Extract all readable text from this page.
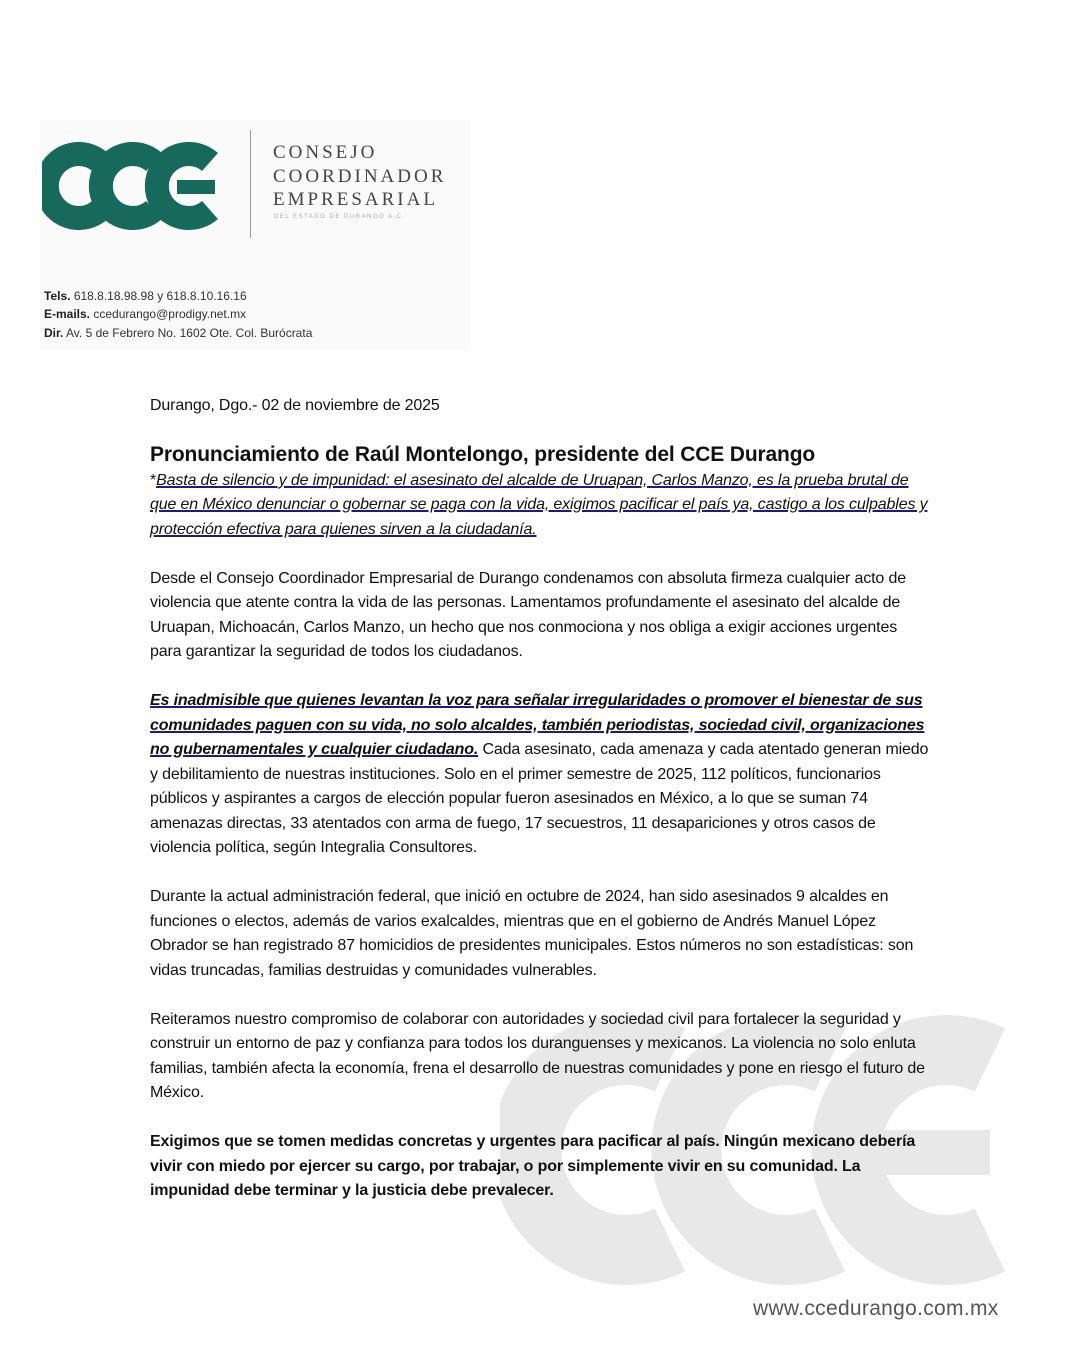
CONSEJO
COORDINADOR
EMPRESARIAL
DEL ESTADO DE DURANGO A.C.
Tels. 618.8.18.98.98 y 618.8.10.16.16
E-mails. ccedurango@prodigy.net.mx
Dir. Av. 5 de Febrero No. 1602 Ote. Col. Burócrata

Durango, Dgo.- 02 de noviembre de 2025

Pronunciamiento de Raúl Montelongo, presidente del CCE Durango

*Basta de silencio y de impunidad: el asesinato del alcalde de Uruapan, Carlos Manzo, es la prueba brutal de que en México denunciar o gobernar se paga con la vida, exigimos pacificar el país ya, castigo a los culpables y protección efectiva para quienes sirven a la ciudadanía.

Desde el Consejo Coordinador Empresarial de Durango condenamos con absoluta firmeza cualquier acto de violencia que atente contra la vida de las personas. Lamentamos profundamente el asesinato del alcalde de Uruapan, Michoacán, Carlos Manzo, un hecho que nos conmociona y nos obliga a exigir acciones urgentes para garantizar la seguridad de todos los ciudadanos.

Es inadmisible que quienes levantan la voz para señalar irregularidades o promover el bienestar de sus comunidades paguen con su vida, no solo alcaldes, también periodistas, sociedad civil, organizaciones no gubernamentales y cualquier ciudadano. Cada asesinato, cada amenaza y cada atentado generan miedo y debilitamiento de nuestras instituciones. Solo en el primer semestre de 2025, 112 políticos, funcionarios públicos y aspirantes a cargos de elección popular fueron asesinados en México, a lo que se suman 74 amenazas directas, 33 atentados con arma de fuego, 17 secuestros, 11 desapariciones y otros casos de violencia política, según Integralia Consultores.

Durante la actual administración federal, que inició en octubre de 2024, han sido asesinados 9 alcaldes en funciones o electos, además de varios exalcaldes, mientras que en el gobierno de Andrés Manuel López Obrador se han registrado 87 homicidios de presidentes municipales. Estos números no son estadísticas: son vidas truncadas, familias destruidas y comunidades vulnerables.

Reiteramos nuestro compromiso de colaborar con autoridades y sociedad civil para fortalecer la seguridad y construir un entorno de paz y confianza para todos los duranguenses y mexicanos. La violencia no solo enluta familias, también afecta la economía, frena el desarrollo de nuestras comunidades y pone en riesgo el futuro de México.

Exigimos que se tomen medidas concretas y urgentes para pacificar al país. Ningún mexicano debería vivir con miedo por ejercer su cargo, por trabajar, o por simplemente vivir en su comunidad. La impunidad debe terminar y la justicia debe prevalecer.

www.ccedurango.com.mx
